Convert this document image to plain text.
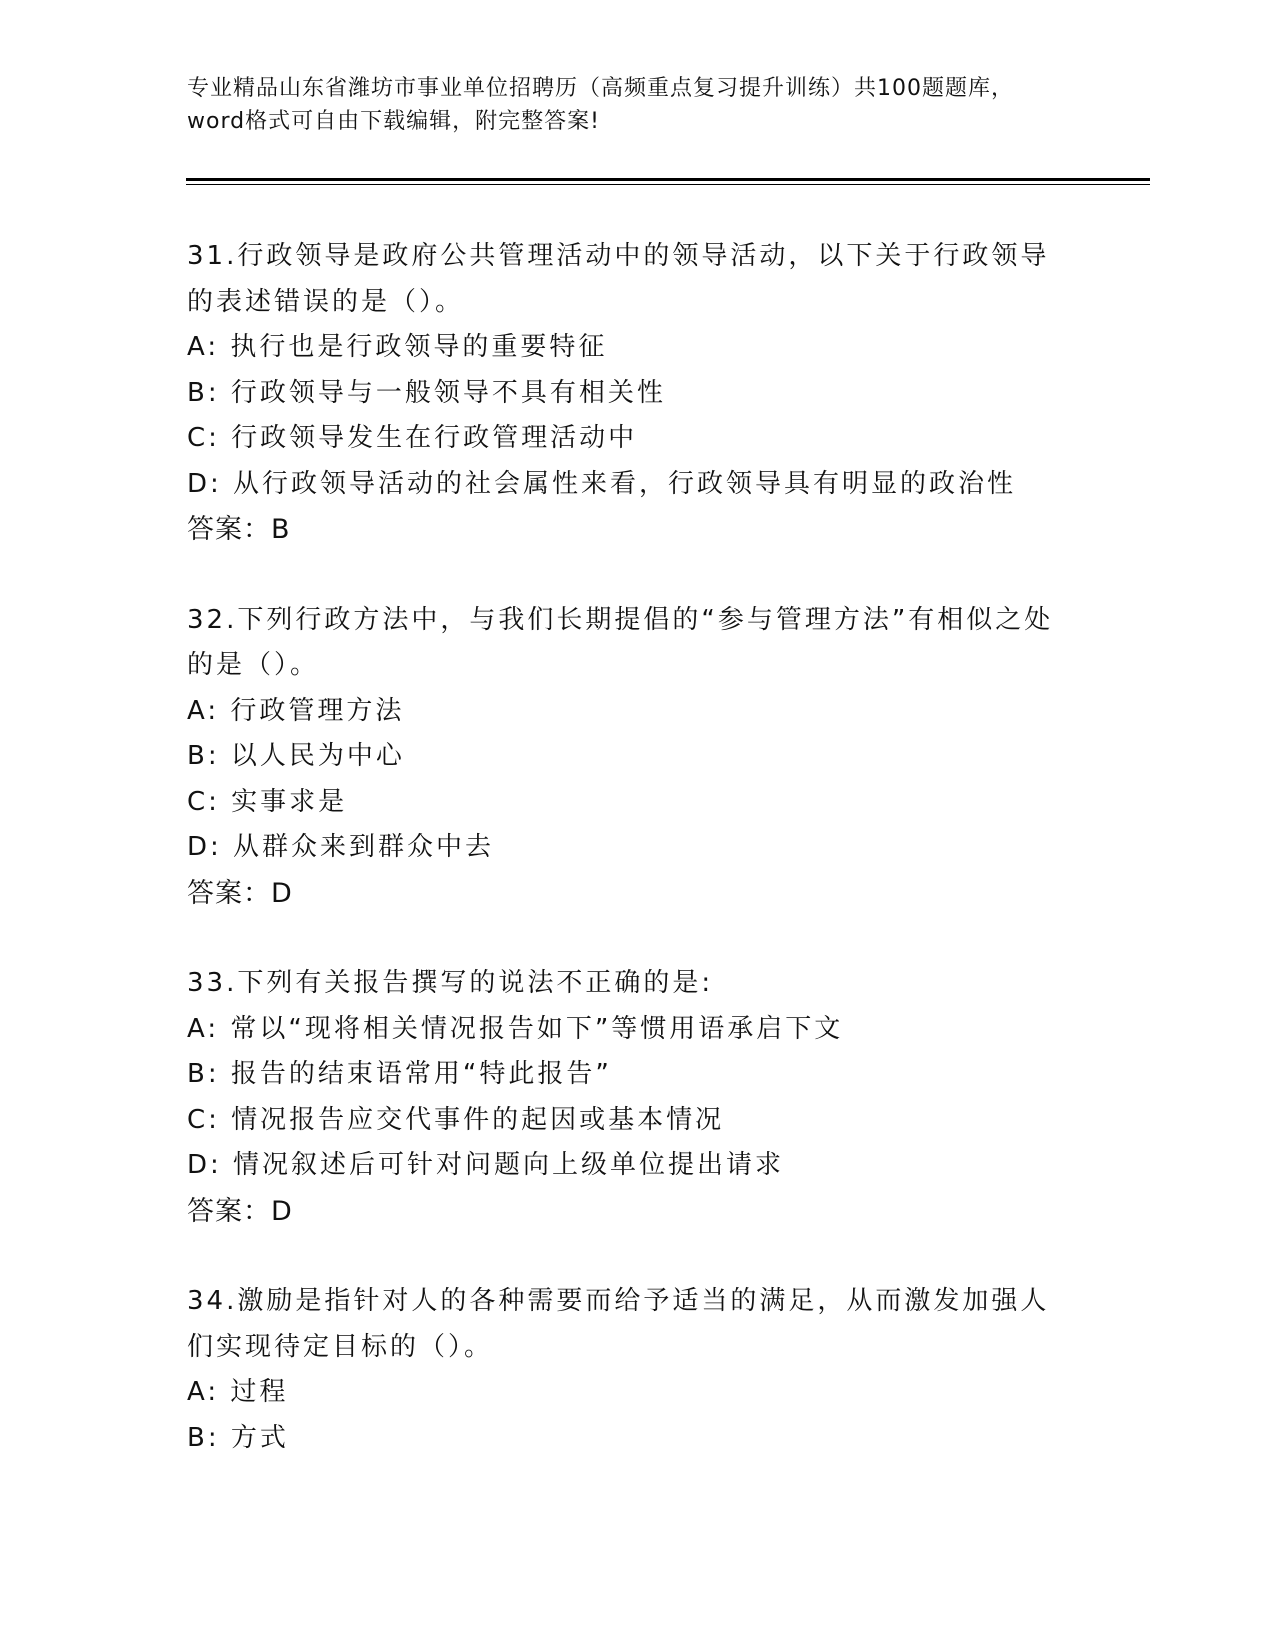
专业精品山东省潍坊市事业单位招聘历（高频重点复习提升训练）共100题题库，word格式可自由下载编辑，附完整答案!
31.行政领导是政府公共管理活动中的领导活动，以下关于行政领导的表述错误的是（）。
A: 执行也是行政领导的重要特征
B: 行政领导与一般领导不具有相关性
C: 行政领导发生在行政管理活动中
D: 从行政领导活动的社会属性来看，行政领导具有明显的政治性
答案：B
32.下列行政方法中，与我们长期提倡的“参与管理方法”有相似之处的是（）。
A: 行政管理方法
B: 以人民为中心
C: 实事求是
D: 从群众来到群众中去
答案：D
33.下列有关报告撰写的说法不正确的是:
A: 常以“现将相关情况报告如下”等惯用语承启下文
B: 报告的结束语常用“特此报告”
C: 情况报告应交代事件的起因或基本情况
D: 情况叙述后可针对问题向上级单位提出请求
答案：D
34.激励是指针对人的各种需要而给予适当的满足，从而激发加强人们实现待定目标的（）。
A: 过程
B: 方式
